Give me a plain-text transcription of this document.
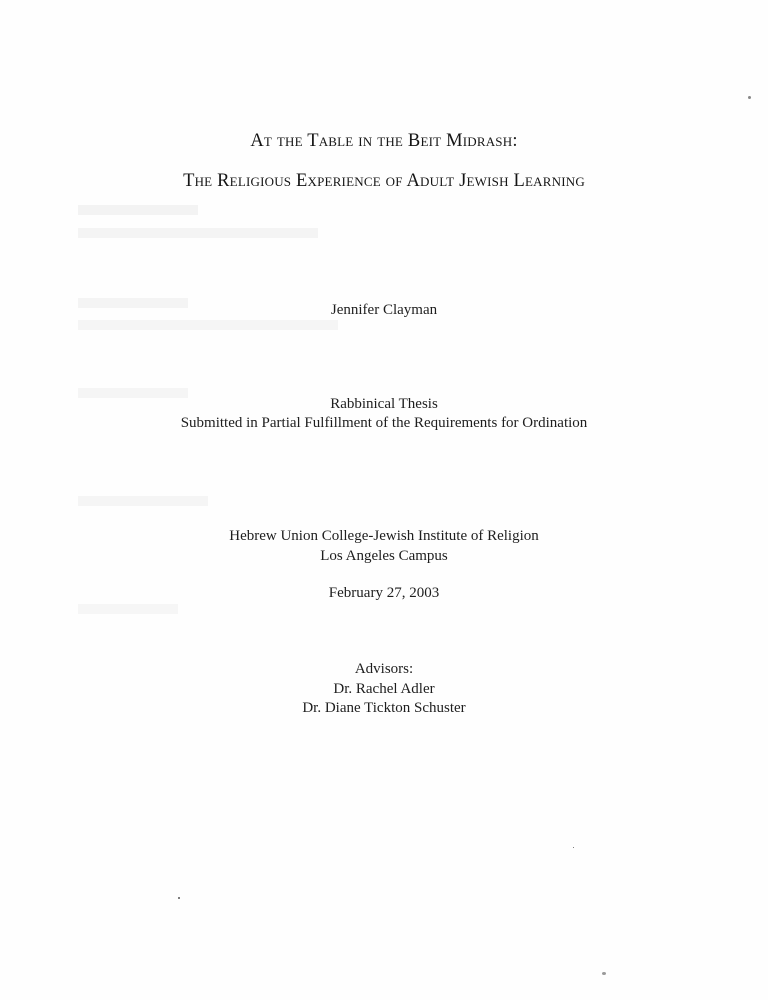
At the Table in the Beit Midrash:
The Religious Experience of Adult Jewish Learning
Jennifer Clayman
Rabbinical Thesis
Submitted in Partial Fulfillment of the Requirements for Ordination
Hebrew Union College-Jewish Institute of Religion
Los Angeles Campus
February 27, 2003
Advisors:
Dr. Rachel Adler
Dr. Diane Tickton Schuster
